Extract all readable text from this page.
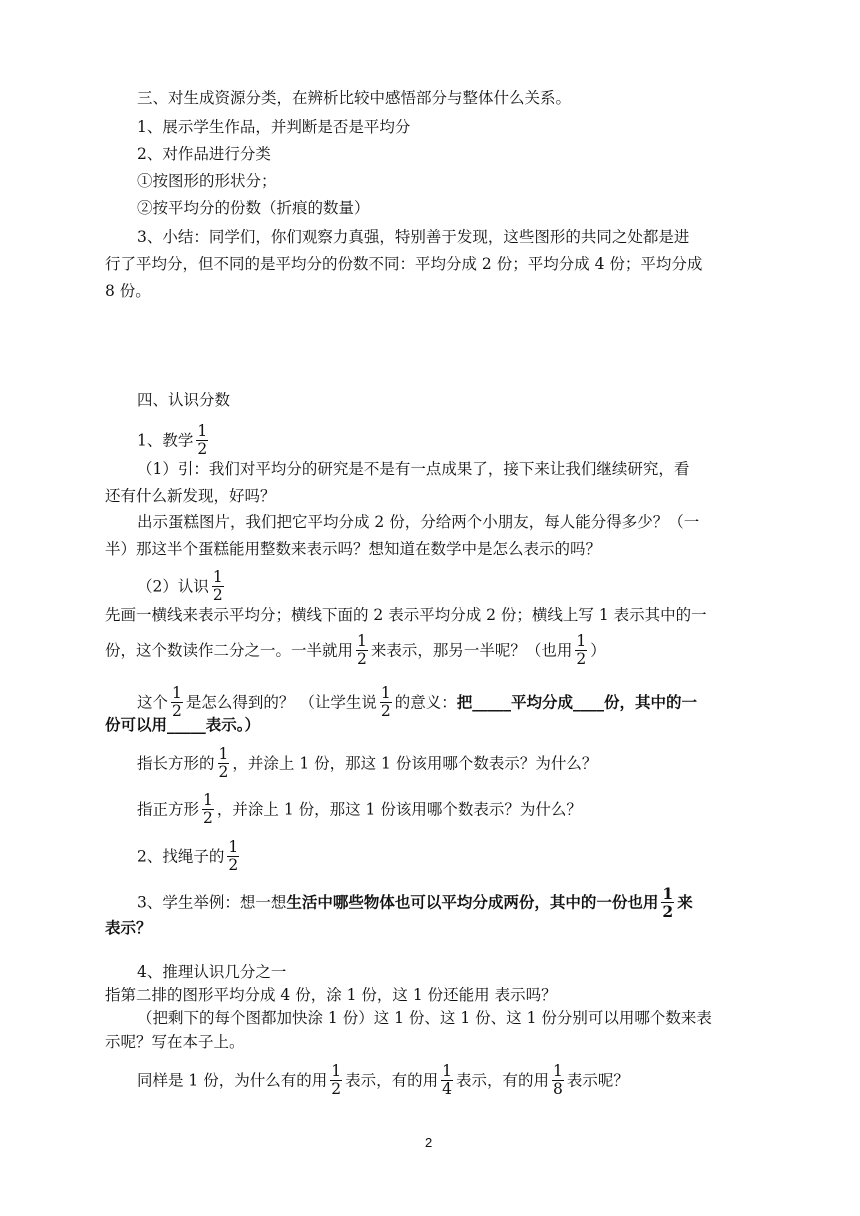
三、对生成资源分类，在辨析比较中感悟部分与整体什么关系。
1、展示学生作品，并判断是否是平均分
2、对作品进行分类
①按图形的形状分；
②按平均分的份数（折痕的数量）
3、小结：同学们，你们观察力真强，特别善于发现，这些图形的共同之处都是进
行了平均分，但不同的是平均分的份数不同：平均分成 2 份；平均分成 4 份；平均分成
8 份。
四、认识分数
1、教学 $\frac{1}{2}$
（1）引：我们对平均分的研究是不是有一点成果了，接下来让我们继续研究，看
还有什么新发现，好吗？
出示蛋糕图片，我们把它平均分成 2 份，分给两个小朋友，每人能分得多少？（一
半）那这半个蛋糕能用整数来表示吗？想知道在数学中是怎么表示的吗？
（2）认识 $\frac{1}{2}$
先画一横线来表示平均分；横线下面的 2 表示平均分成 2 份；横线上写 1 表示其中的一
份，这个数读作二分之一。一半就用 $\frac{1}{2}$ 来表示，那另一半呢？（也用 $\frac{1}{2}$ ）
这个 $\frac{1}{2}$ 是怎么得到的？ （让学生说 $\frac{1}{2}$ 的意义：把_____平均分成____份，其中的一
份可以用_____表示。）
指长方形的 $\frac{1}{2}$ ，并涂上 1 份，那这 1 份该用哪个数表示？为什么？
指正方形 $\frac{1}{2}$ ，并涂上 1 份，那这 1 份该用哪个数表示？为什么？
2、找绳子的 $\frac{1}{2}$
3、学生举例：想一想生活中哪些物体也可以平均分成两份，其中的一份也用 $\frac{1}{2}$ 来
表示？
4、推理认识几分之一
指第二排的图形平均分成 4 份，涂 1 份，这 1 份还能用 表示吗？
（把剩下的每个图都加快涂 1 份）这 1 份、这 1 份、这 1 份分别可以用哪个数来表
示呢？写在本子上。
同样是 1 份，为什么有的用 $\frac{1}{2}$ 表示，有的用 $\frac{1}{4}$ 表示，有的用 $\frac{1}{8}$ 表示呢？
2
